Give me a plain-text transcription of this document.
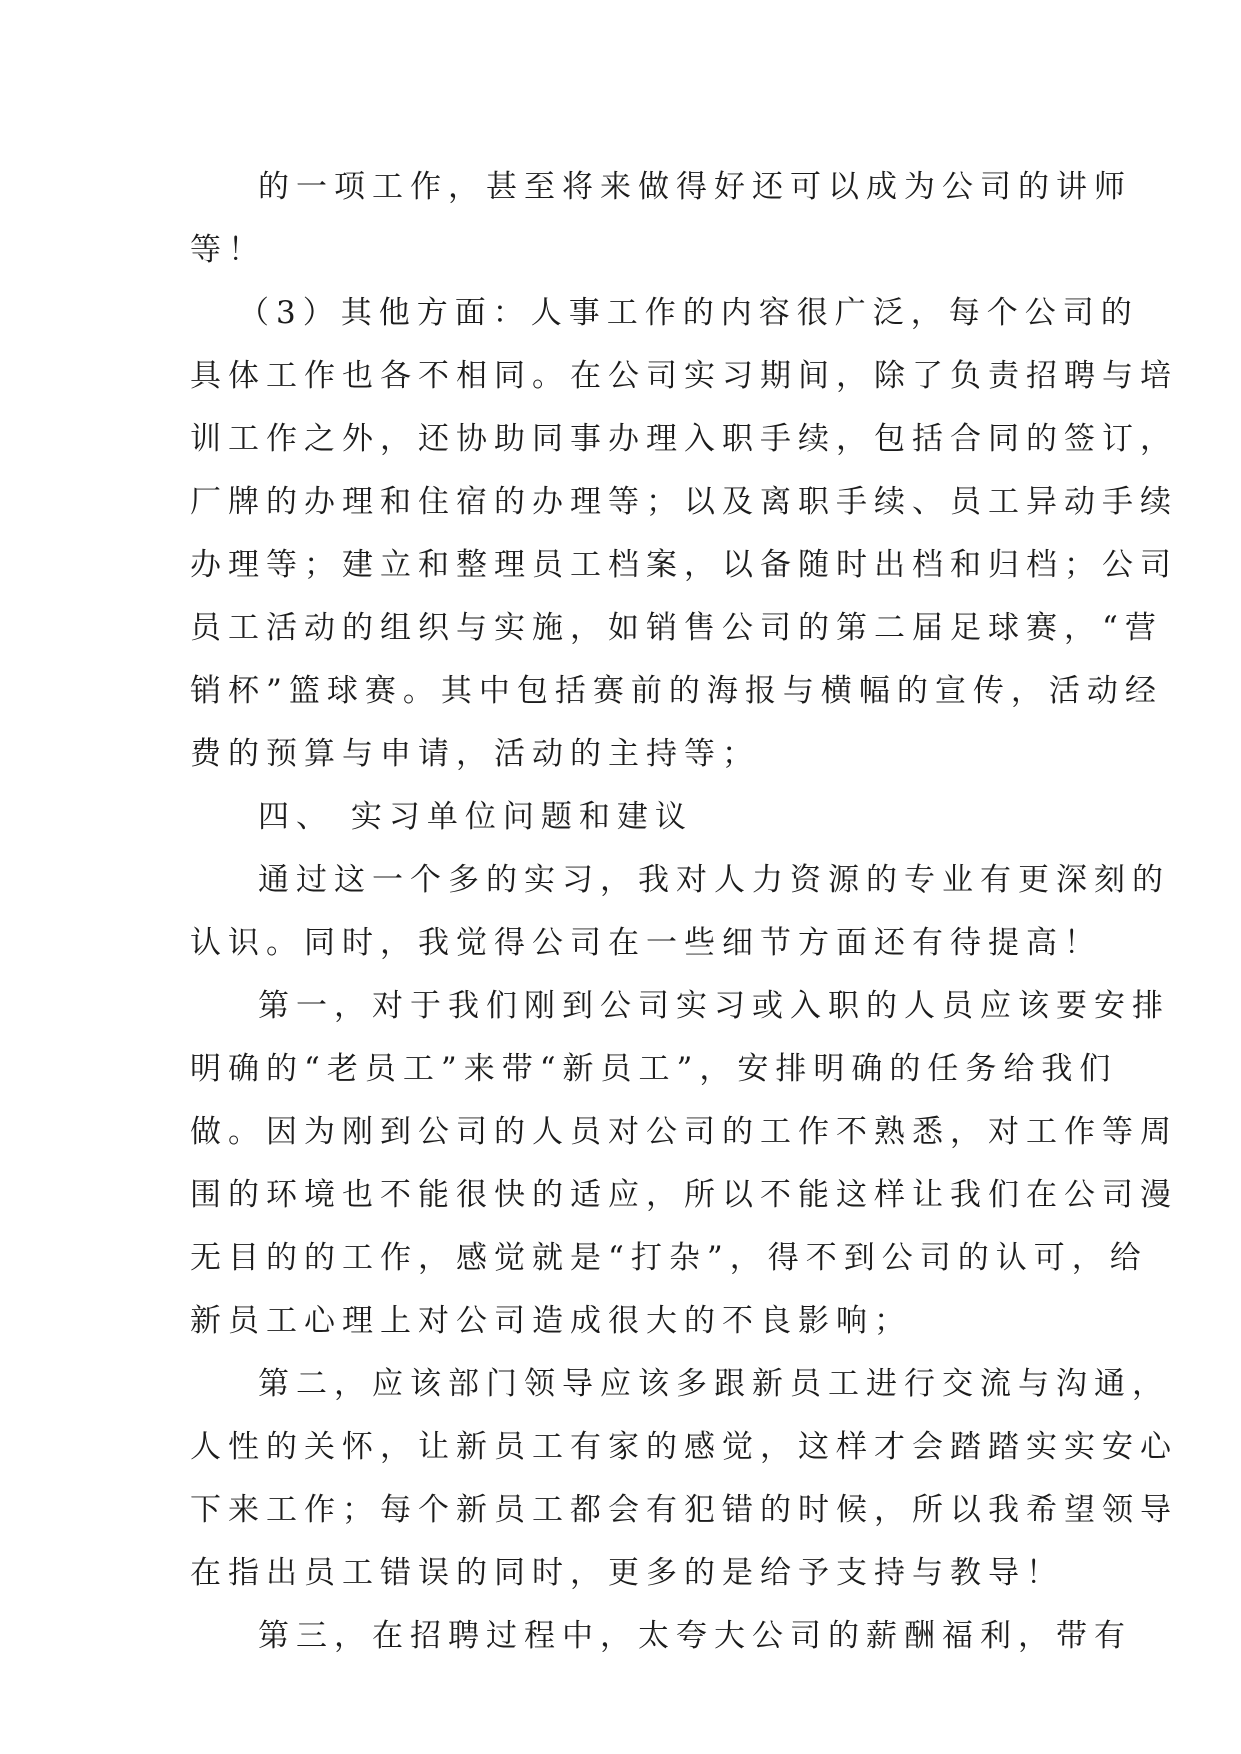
的一项工作，甚至将来做得好还可以成为公司的讲师
等！
（3）其他方面：人事工作的内容很广泛，每个公司的
具体工作也各不相同。在公司实习期间，除了负责招聘与培
训工作之外，还协助同事办理入职手续，包括合同的签订，
厂牌的办理和住宿的办理等；以及离职手续、员工异动手续
办理等；建立和整理员工档案，以备随时出档和归档；公司
员工活动的组织与实施，如销售公司的第二届足球赛，“营
销杯”篮球赛。其中包括赛前的海报与横幅的宣传，活动经
费的预算与申请，活动的主持等；
四、 实习单位问题和建议
通过这一个多的实习，我对人力资源的专业有更深刻的
认识。同时，我觉得公司在一些细节方面还有待提高！
第一，对于我们刚到公司实习或入职的人员应该要安排
明确的“老员工”来带“新员工”，安排明确的任务给我们
做。因为刚到公司的人员对公司的工作不熟悉，对工作等周
围的环境也不能很快的适应，所以不能这样让我们在公司漫
无目的的工作，感觉就是“打杂”，得不到公司的认可，给
新员工心理上对公司造成很大的不良影响；
第二，应该部门领导应该多跟新员工进行交流与沟通，
人性的关怀，让新员工有家的感觉，这样才会踏踏实实安心
下来工作；每个新员工都会有犯错的时候，所以我希望领导
在指出员工错误的同时，更多的是给予支持与教导！
第三，在招聘过程中，太夸大公司的薪酬福利，带有
